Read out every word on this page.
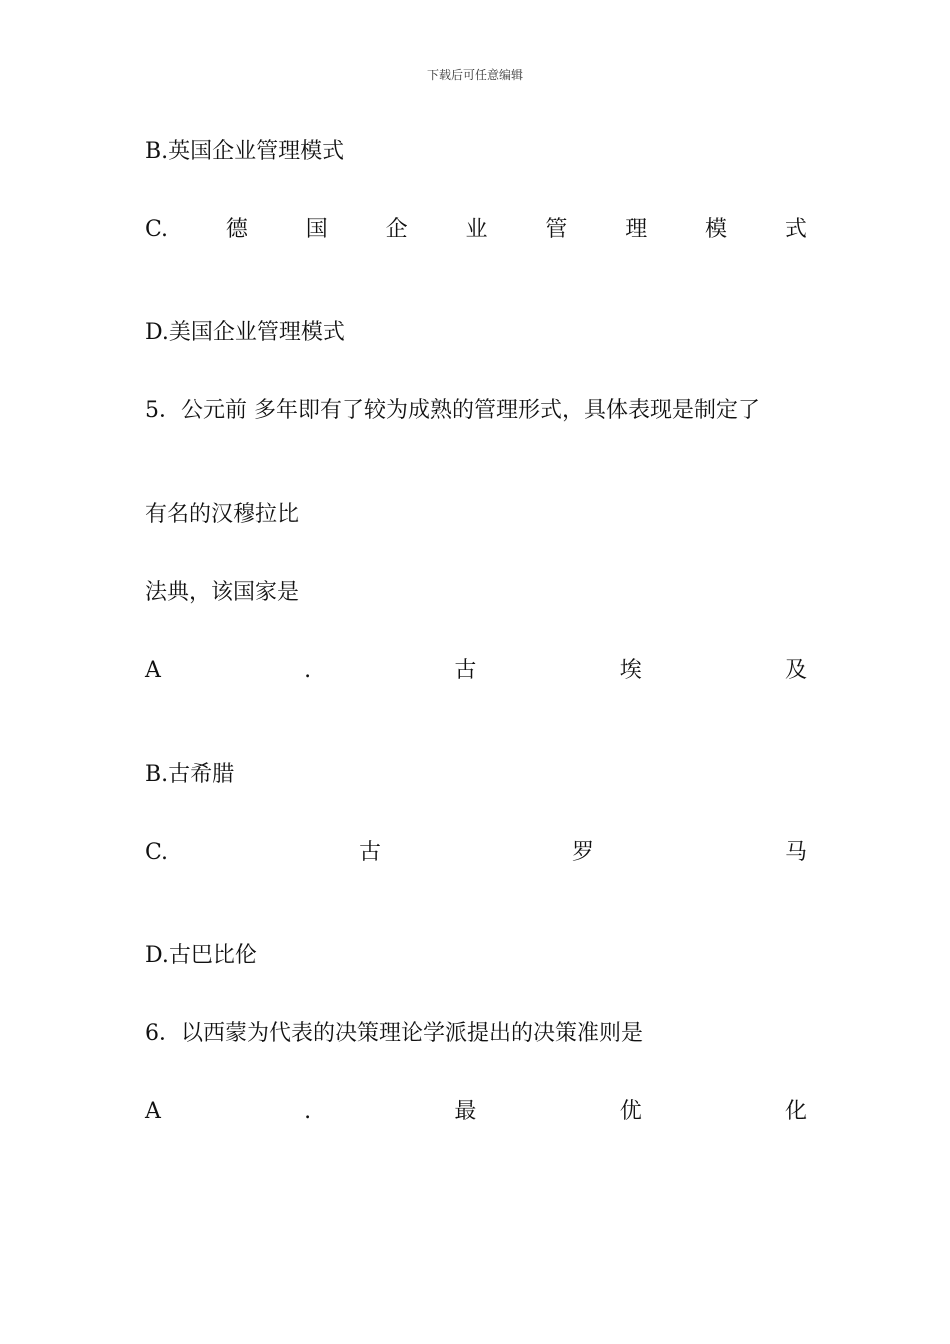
下载后可任意编辑
B.英国企业管理模式
C.	德	国	企	业	管	理	模	式
D.美国企业管理模式
5．公元前 多年即有了较为成熟的管理形式，具体表现是制定了
有名的汉穆拉比
法典，该国家是
A	.	古	埃	及
B.古希腊
C.	古	罗	马
D.古巴比伦
6．以西蒙为代表的决策理论学派提出的决策准则是
A	.	最	优	化
